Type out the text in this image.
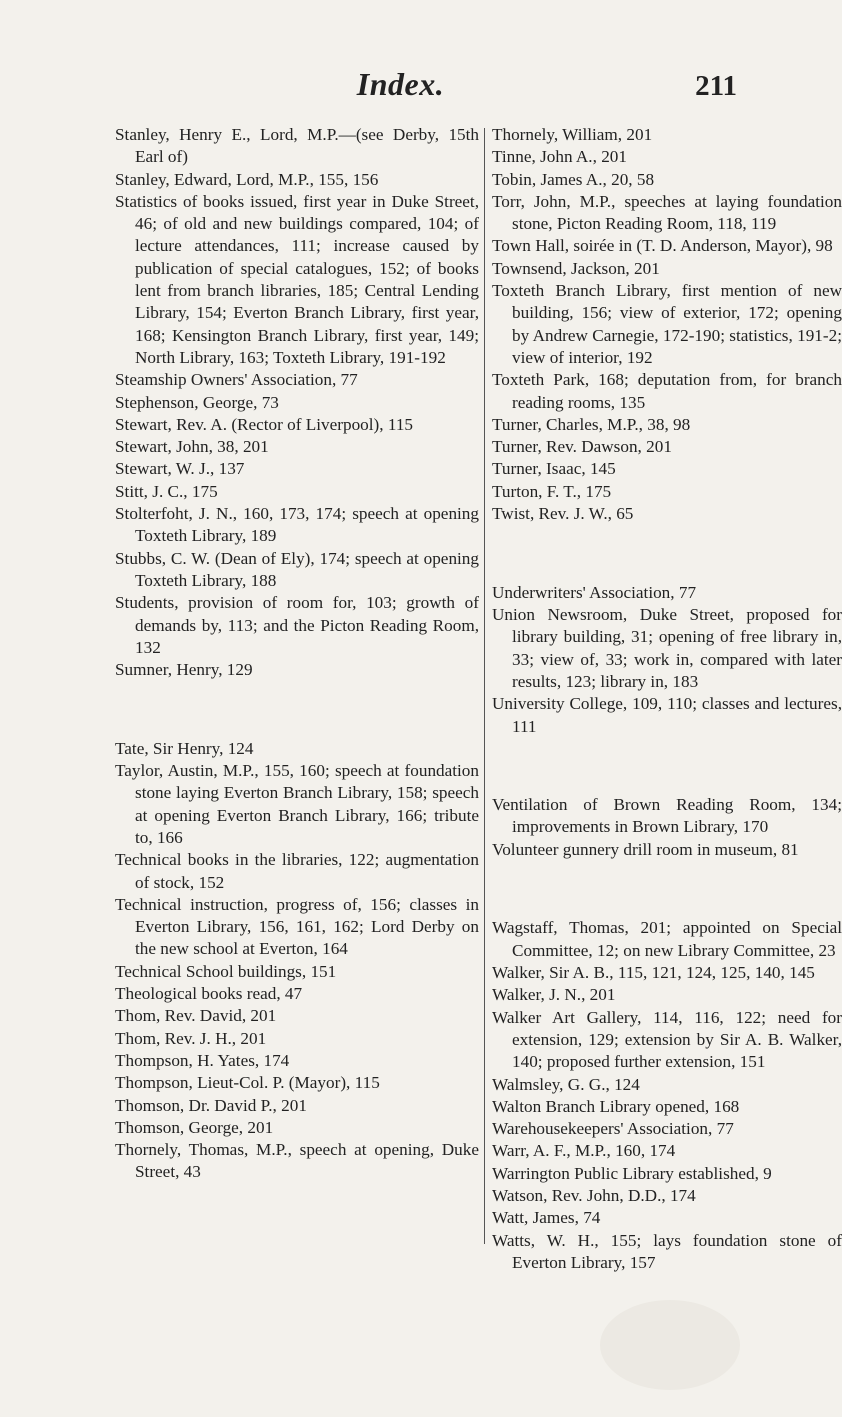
Index.	211

Stanley, Henry E., Lord, M.P.—(see Derby, 15th Earl of)

Stanley, Edward, Lord, M.P., 155, 156

Statistics of books issued, first year in Duke Street, 46; of old and new buildings compared, 104; of lecture attendances, 111; increase caused by publication of special catalogues, 152; of books lent from branch libraries, 185; Central Lending Library, 154; Everton Branch Library, first year, 168; Kensington Branch Library, first year, 149; North Library, 163; Toxteth Library, 191-192

Steamship Owners' Association, 77

Stephenson, George, 73

Stewart, Rev. A. (Rector of Liverpool), 115

Stewart, John, 38, 201

Stewart, W. J., 137

Stitt, J. C., 175

Stolterfoht, J. N., 160, 173, 174; speech at opening Toxteth Library, 189

Stubbs, C. W. (Dean of Ely), 174; speech at opening Toxteth Library, 188

Students, provision of room for, 103; growth of demands by, 113; and the Picton Reading Room, 132

Sumner, Henry, 129

Tate, Sir Henry, 124

Taylor, Austin, M.P., 155, 160; speech at foundation stone laying Everton Branch Library, 158; speech at opening Everton Branch Library, 166; tribute to, 166

Technical books in the libraries, 122; augmentation of stock, 152

Technical instruction, progress of, 156; classes in Everton Library, 156, 161, 162; Lord Derby on the new school at Everton, 164

Technical School buildings, 151

Theological books read, 47

Thom, Rev. David, 201

Thom, Rev. J. H., 201

Thompson, H. Yates, 174

Thompson, Lieut-Col. P. (Mayor), 115

Thomson, Dr. David P., 201

Thomson, George, 201

Thornely, Thomas, M.P., speech at opening, Duke Street, 43

Thornely, William, 201

Tinne, John A., 201

Tobin, James A., 20, 58

Torr, John, M.P., speeches at laying foundation stone, Picton Reading Room, 118, 119

Town Hall, soirée in (T. D. Anderson, Mayor), 98

Townsend, Jackson, 201

Toxteth Branch Library, first mention of new building, 156; view of exterior, 172; opening by Andrew Carnegie, 172-190; statistics, 191-2; view of interior, 192

Toxteth Park, 168; deputation from, for branch reading rooms, 135

Turner, Charles, M.P., 38, 98

Turner, Rev. Dawson, 201

Turner, Isaac, 145

Turton, F. T., 175

Twist, Rev. J. W., 65

Underwriters' Association, 77

Union Newsroom, Duke Street, proposed for library building, 31; opening of free library in, 33; view of, 33; work in, compared with later results, 123; library in, 183

University College, 109, 110; classes and lectures, 111

Ventilation of Brown Reading Room, 134; improvements in Brown Library, 170

Volunteer gunnery drill room in museum, 81

Wagstaff, Thomas, 201; appointed on Special Committee, 12; on new Library Committee, 23

Walker, Sir A. B., 115, 121, 124, 125, 140, 145

Walker, J. N., 201

Walker Art Gallery, 114, 116, 122; need for extension, 129; extension by Sir A. B. Walker, 140; proposed further extension, 151

Walmsley, G. G., 124

Walton Branch Library opened, 168

Warehousekeepers' Association, 77

Warr, A. F., M.P., 160, 174

Warrington Public Library established, 9

Watson, Rev. John, D.D., 174

Watt, James, 74

Watts, W. H., 155; lays foundation stone of Everton Library, 157
